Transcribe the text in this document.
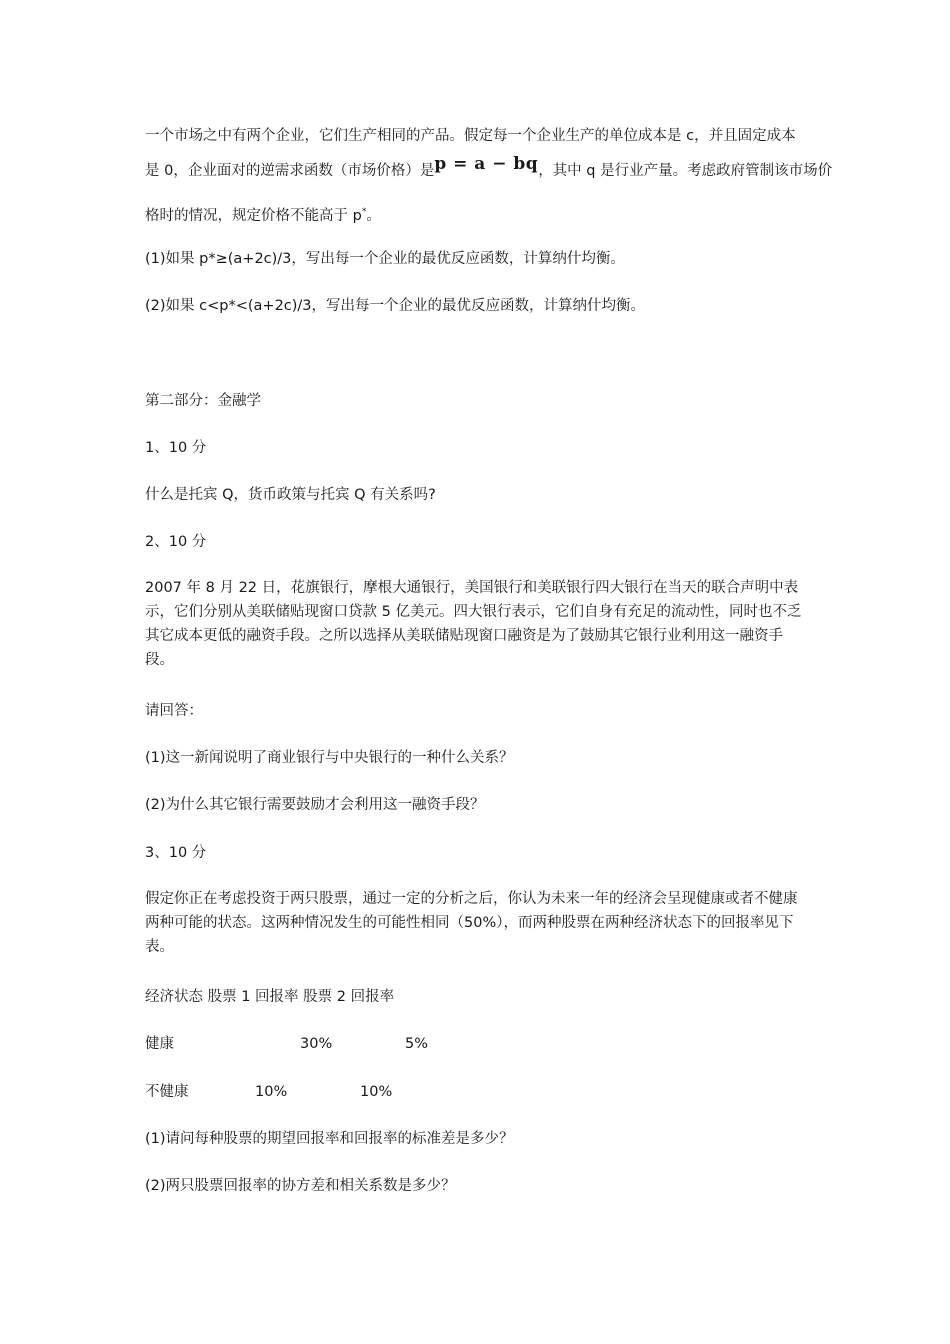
一个市场之中有两个企业，它们生产相同的产品。假定每一个企业生产的单位成本是 c，并且固定成本
是 0，企业面对的逆需求函数（市场价格）是p = a − bq，其中 q 是行业产量。考虑政府管制该市场价
格时的情况，规定价格不能高于 p*。
(1)如果 p*≥(a+2c)/3，写出每一个企业的最优反应函数，计算纳什均衡。
(2)如果 c<p*<(a+2c)/3，写出每一个企业的最优反应函数，计算纳什均衡。
第二部分：金融学
1、10 分
什么是托宾 Q，货币政策与托宾 Q 有关系吗?
2、10 分
2007 年 8 月 22 日，花旗银行，摩根大通银行，美国银行和美联银行四大银行在当天的联合声明中表示，它们分别从美联储贴现窗口贷款 5 亿美元。四大银行表示，它们自身有充足的流动性，同时也不乏其它成本更低的融资手段。之所以选择从美联储贴现窗口融资是为了鼓励其它银行业利用这一融资手段。
请回答：
(1)这一新闻说明了商业银行与中央银行的一种什么关系？
(2)为什么其它银行需要鼓励才会利用这一融资手段？
3、10 分
假定你正在考虑投资于两只股票，通过一定的分析之后，你认为未来一年的经济会呈现健康或者不健康两种可能的状态。这两种情况发生的可能性相同（50%），而两种股票在两种经济状态下的回报率见下表。
经济状态 股票 1 回报率 股票 2 回报率
健康	30%	5%
不健康	10%	10%
(1)请问每种股票的期望回报率和回报率的标准差是多少？
(2)两只股票回报率的协方差和相关系数是多少？
